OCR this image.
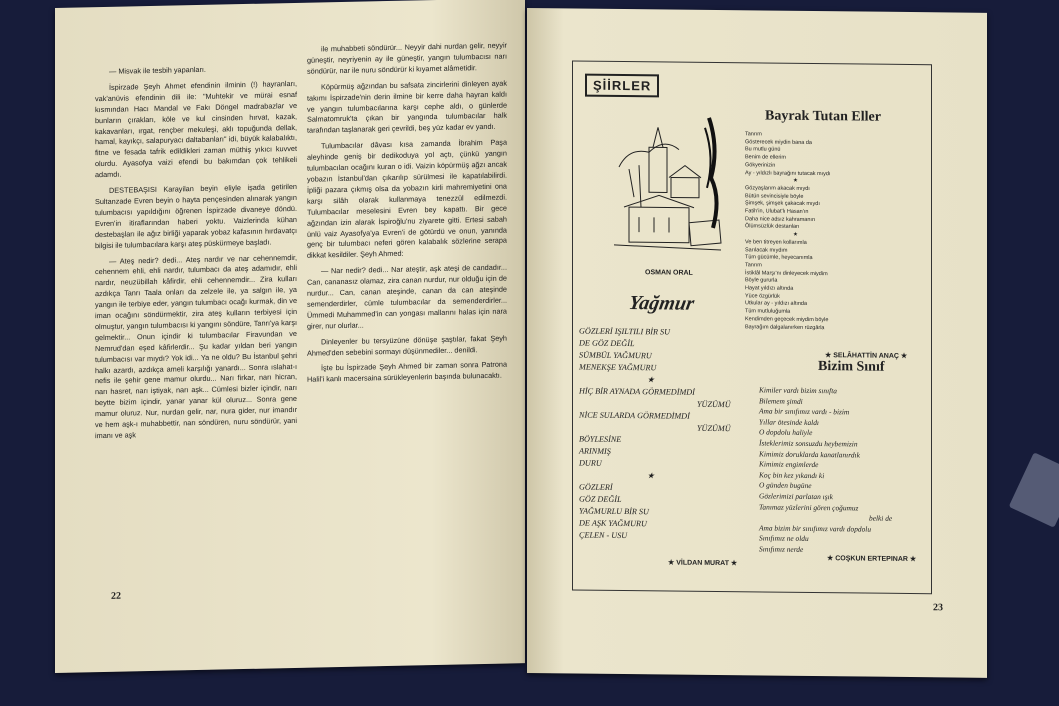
— Misvak ile tesbih yapanları.

İspirzade Şeyh Ahmet efendinin ilminin (!) hayranları, vak'anüvis efendinin dili ile: "Muhtekir ve mürai esnaf kısmından Hacı Mandal ve Fakı Döngel madrabazlar ve bunların çırakları, köle ve kul cinsinden hırvat, kazak, kakavanları, ırgat, rençber mekuleşi, aklı topuğunda dellak, hamal, kayıkçı, salapuryacı daltabanları" idi, büyük kalabalıktı, fitne ve fesada tafrik edildikleri zaman müthiş yıkıcı kuvvet olurdu. Ayasofya vaizi efendi bu bakımdan çok tehlikeli adamdı.

DESTEBAŞISI Karayilan beyin eliyle işada getirilen Sultanzade Evren beyin o hayta pençesinden alınarak yangın tulumbacısı yapıldığını öğrenen İspirzade divaneye döndü. Evren'in itiraflarından haberi yoktu. Vaizlerinda kühan destebaşları ile ağız birliği yaparak yobaz kafasının hırdavatçı bilgisi ile tulumbacılara karşı ateş püskürmeye başladı.

— Ateş nedir? dedi... Ateş nardır ve nar cehennemdir, cehennem ehli, ehli nardır, tulumbacı da ateş adamıdır, ehli nardır, neuzübillah kâfirdir, ehli cehennemdir... Zira kulları azdıkça Tanrı Taala onları da zelzele ile, ya salgın ile, ya yangın ile terbiye eder, yangın tulumbacı ocağı kurmak, din ve iman ocağını söndürmektir, zira ateş kulların terbiyesi için olmuştur, yangın tulumbacısı ki yangını söndüre, Tanrı'ya karşı gelmektir... Onun içindir ki tulumbacılar Firavundan ve Nemrud'dan eşed kâfirlerdir... Şu kadar yıldan beri yangın tulumbacısı var mıydı? Yok idi... Ya ne oldu? Bu İstanbul şehri halkı azardı, azdıkça ameli karşılığı yanardı... Sonra ıslahat-ı nefis ile şehir gene mamur olurdu... Narı firkar, narı hicran, narı hasret, narı iştiyak, narı aşk... Cümlesi bizler içindir, narı beytte bizim içindir, yanar yanar kül oluruz... Sonra gene mamur oluruz. Nur, nurdan gelir, nar, nura gider, nur imandır ve hem aşk-ı muhabbettir, narı söndüren, nuru söndürür, yani imanı ve aşk

ile muhabbeti söndürür... Neyyir dahi nurdan gelir, neyyir güneştir, neyriyenin ay ile güneştir, yangın tulumbacısı narı söndürür, nar ile nuru söndürür ki kıyamet alâmetidir.

Köpürmüş ağzından bu safsata zincirlerini dinleyen ayak takımı İspirzade'nin derin ilmine bir kerre daha hayran kaldı ve yangın tulumbacılarına karşı cephe aldı, o günlerde Salmatomruk'ta çıkan bir yangında tulumbacılar halk tarafından taşlanarak geri çevrildi, beş yüz kadar ev yandı.

Tulumbacılar dâvası kısa zamanda İbrahim Paşa aleyhinde geniş bir dedikoduya yol açtı, çünkü yangın tulumbacıları ocağını kuran o idi. Vaizin köpürmüş ağzı ancak yobazın İstanbul'dan çıkarılıp sürülmesi ile kapatılabilirdi. İpliği pazara çıkmış olsa da yobazın kirli mahremiyetini ona karşı silâh olarak kullanmaya tenezzül edilmezdi. Tulumbacılar meselesini Evren bey kapattı. Bir gece ağzından izin alarak İspiroğlu'nu ziyarete gitti. Ertesi sabah ünlü vaiz Ayasofya'ya Evren'i de götürdü ve onun, yanında genç bir tulumbacı neferi gören kalabalık sözlerine serapa dikkat kesildiler. Şeyh Ahmed:

— Nar nedir? dedi... Nar ateştir, aşk ateşi de candadır... Can, cananasız olamaz, zira canan nurdur, nur olduğu için de nurdur... Can, canan ateşinde, canan da can ateşinde semenderdirler, cümle tulumbacılar da semenderdirler... Ümmedi Muhammed'in can yongası mallarını halas için nara girer, nur olurlar...

Dinleyenler bu tersyüzüne dönüşe şaştılar, fakat Şeyh Ahmed'den sebebini sormayı düşünmediler... denildi.

İşte bu İspirzade Şeyh Ahmed bir zaman sonra Patrona Halil'i kanlı macersaina sürükleyenlerin başında bulunacaktı.

22
ŞİİRLER
OSMAN ORAL
Yağmur
GÖZLERİ IŞILTILI BİR SU
DE GÖZ DEĞİL
SÜMBÜL YAĞMURU
MENEKŞE YAĞMURU
★
HİÇ BİR AYNADA GÖRMEDİMDİ
YÜZÜMÜ
NİCE SULARDA GÖRMEDİMDİ
YÜZÜMÜ
BÖYLESİNE
ARINMIŞ
DURU
★
GÖZLERİ
GÖZ DEĞİL
YAĞMURLU BİR SU
DE AŞK YAĞMURU
ÇELEN - USU
★ VİLDAN MURAT ★
Bayrak Tutan Eller
Tanrım
Gösterecek miydin bana da
Bu mutlu günü
Benim de ellerim
Gökyerinizin
Ay - yıldızlı bayrağını tutacak mıydı
★
Gözyaşlarım akacak mıydı
Bütün sevincisiyle böyle
Şimşek, şimşek çakacak mıydı
Fatih'in, Ulubat'lı Hasan'ın
Daha nice adsız kahramanın
Ölümsüzlük destanları
★
Ve ben titreyen kollarımla
Sarılacak mıydım
Tüm gücümle, heyecanımla
Tanrım
İstiklâl Marşı'nı dinleyecek miydim
Böyle gururla
Hayat yıldızı altında
Yüce özgürlük
Utkular ay - yıldızı altında
Tüm mutluluğumla
Kendimden geçecek miydim böyle
Bayrağım dalgalanırken rüzgârla
★ SELÂHATTİN ANAÇ ★
Bizim Sınıf
Kimiler vardı bizim sınıfta
Bilemem şimdi
Ama bir sınıfımız vardı - bizim
Yıllar ötesinde kaldı
O dopdolu haliyle
İsteklerimiz sonsuzdu heybemizin
Kimimiz doruklarda kanatlanırdık
Kimimiz engimlerde
Koç bin kez yıkandı ki
O günden bugüne
Gözlerimizi parlatan ışık
Tanımaz yüzlerini gören çoğumuz
belki de
Ama bizim bir sınıfımız vardı dopdolu
Sınıfımız ne oldu
Sınıfımız nerde
★ COŞKUN ERTEPINAR ★
23
